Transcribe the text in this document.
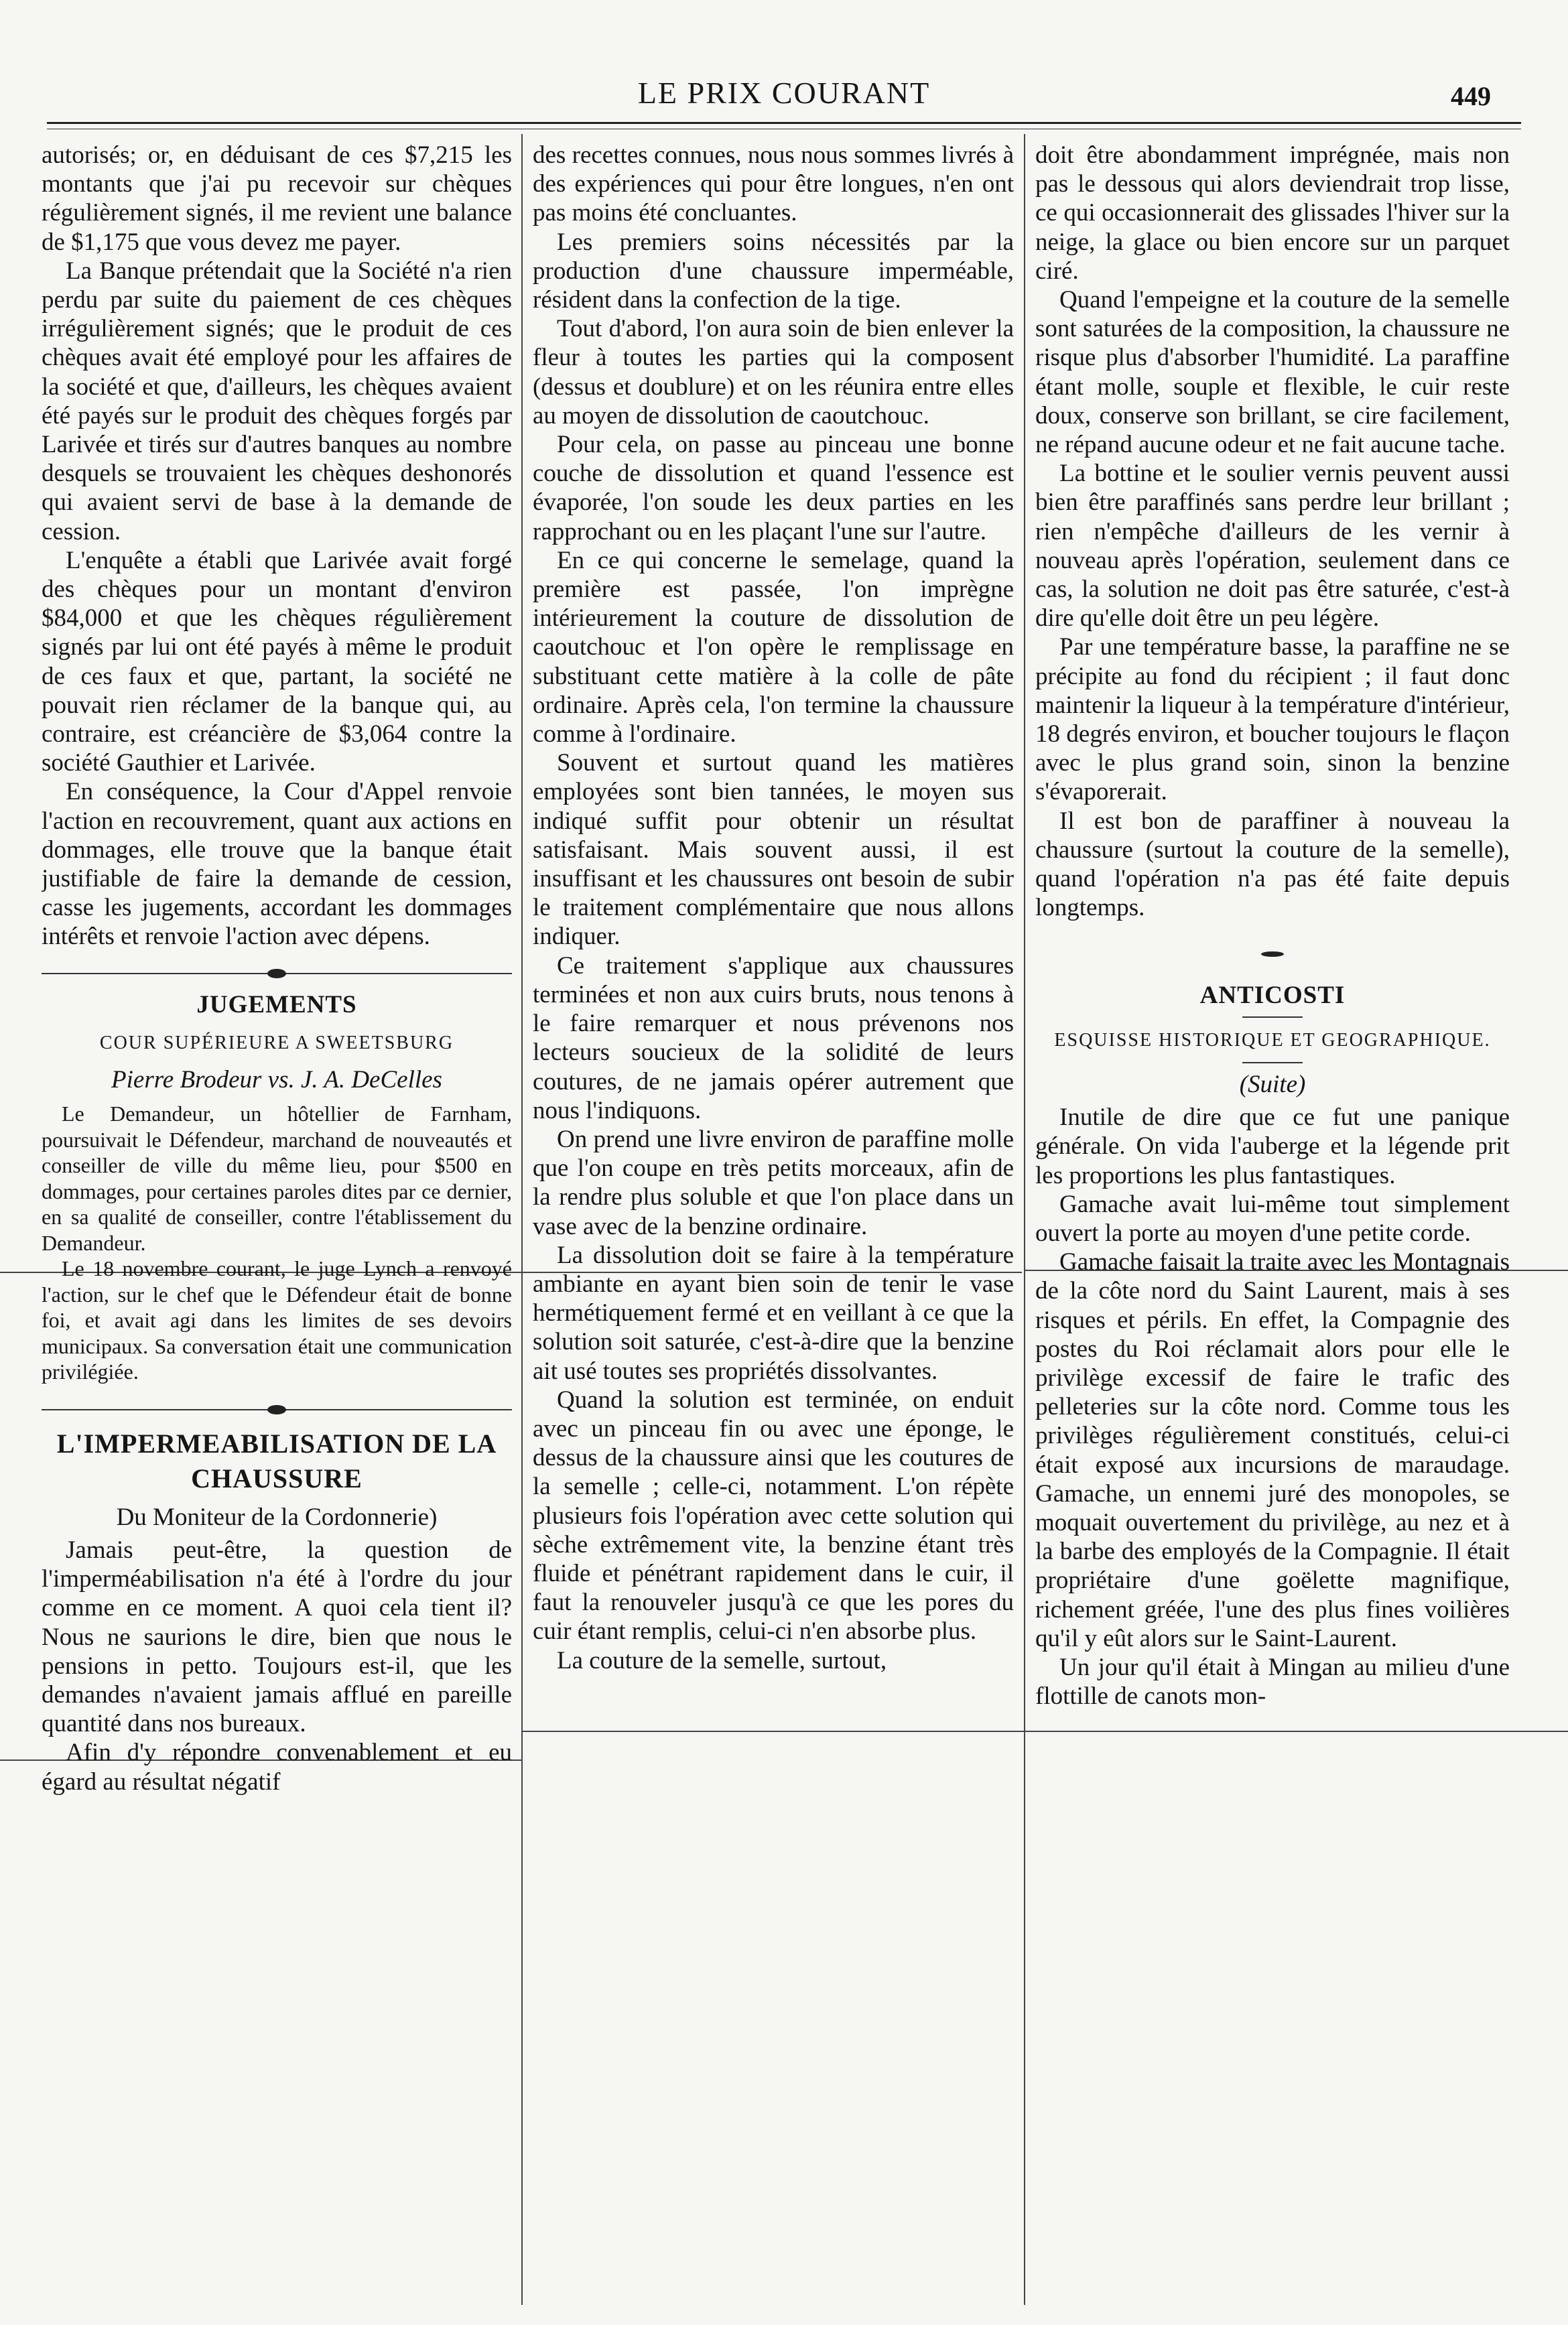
LE PRIX COURANT	449

autorisés; or, en déduisant de ces $7,215 les montants que j'ai pu recevoir sur chèques régulièrement signés, il me revient une balance de $1,175 que vous devez me payer.

La Banque prétendait que la Société n'a rien perdu par suite du paiement de ces chèques irrégulièrement signés; que le produit de ces chèques avait été employé pour les affaires de la société et que, d'ailleurs, les chèques avaient été payés sur le produit des chèques forgés par Larivée et tirés sur d'autres banques au nombre desquels se trouvaient les chèques deshonorés qui avaient servi de base à la demande de cession.

L'enquête a établi que Larivée avait forgé des chèques pour un montant d'environ $84,000 et que les chèques régulièrement signés par lui ont été payés à même le produit de ces faux et que, partant, la société ne pouvait rien réclamer de la banque qui, au contraire, est créancière de $3,064 contre la société Gauthier et Larivée.

En conséquence, la Cour d'Appel renvoie l'action en recouvrement, quant aux actions en dommages, elle trouve que la banque était justifiable de faire la demande de cession, casse les jugements, accordant les dommages intérêts et renvoie l'action avec dépens.

JUGEMENTS
COUR SUPÉRIEURE A SWEETSBURG
Pierre Brodeur vs. J. A. DeCelles

Le Demandeur, un hôtellier de Farnham, poursuivait le Défendeur, marchand de nouveautés et conseiller de ville du même lieu, pour $500 en dommages, pour certaines paroles dites par ce dernier, en sa qualité de conseiller, contre l'établissement du Demandeur.

Le 18 novembre courant, le juge Lynch a renvoyé l'action, sur le chef que le Défendeur était de bonne foi, et avait agi dans les limites de ses devoirs municipaux. Sa conversation était une communication privilégiée.

L'IMPERMEABILISATION DE LA CHAUSSURE
Du Moniteur de la Cordonnerie)

Jamais peut-être, la question de l'imperméabilisation n'a été à l'ordre du jour comme en ce moment. A quoi cela tient il? Nous ne saurions le dire, bien que nous le pensions in petto. Toujours est-il, que les demandes n'avaient jamais afflué en pareille quantité dans nos bureaux.

Afin d'y répondre convenablement et eu égard au résultat négatif

des recettes connues, nous nous sommes livrés à des expériences qui pour être longues, n'en ont pas moins été concluantes.

Les premiers soins nécessités par la production d'une chaussure imperméable, résident dans la confection de la tige.

Tout d'abord, l'on aura soin de bien enlever la fleur à toutes les parties qui la composent (dessus et doublure) et on les réunira entre elles au moyen de dissolution de caoutchouc.

Pour cela, on passe au pinceau une bonne couche de dissolution et quand l'essence est évaporée, l'on soude les deux parties en les rapprochant ou en les plaçant l'une sur l'autre.

En ce qui concerne le semelage, quand la première est passée, l'on imprègne intérieurement la couture de dissolution de caoutchouc et l'on opère le remplissage en substituant cette matière à la colle de pâte ordinaire. Après cela, l'on termine la chaussure comme à l'ordinaire.

Souvent et surtout quand les matières employées sont bien tannées, le moyen sus indiqué suffit pour obtenir un résultat satisfaisant. Mais souvent aussi, il est insuffisant et les chaussures ont besoin de subir le traitement complémentaire que nous allons indiquer.

Ce traitement s'applique aux chaussures terminées et non aux cuirs bruts, nous tenons à le faire remarquer et nous prévenons nos lecteurs soucieux de la solidité de leurs coutures, de ne jamais opérer autrement que nous l'indiquons.

On prend une livre environ de paraffine molle que l'on coupe en très petits morceaux, afin de la rendre plus soluble et que l'on place dans un vase avec de la benzine ordinaire.

La dissolution doit se faire à la température ambiante en ayant bien soin de tenir le vase hermétiquement fermé et en veillant à ce que la solution soit saturée, c'est-à-dire que la benzine ait usé toutes ses propriétés dissolvantes.

Quand la solution est terminée, on enduit avec un pinceau fin ou avec une éponge, le dessus de la chaussure ainsi que les coutures de la semelle ; celle-ci, notamment. L'on répète plusieurs fois l'opération avec cette solution qui sèche extrêmement vite, la benzine étant très fluide et pénétrant rapidement dans le cuir, il faut la renouveler jusqu'à ce que les pores du cuir étant remplis, celui-ci n'en absorbe plus.

La couture de la semelle, surtout,

doit être abondamment imprégnée, mais non pas le dessous qui alors deviendrait trop lisse, ce qui occasionnerait des glissades l'hiver sur la neige, la glace ou bien encore sur un parquet ciré.

Quand l'empeigne et la couture de la semelle sont saturées de la composition, la chaussure ne risque plus d'absorber l'humidité. La paraffine étant molle, souple et flexible, le cuir reste doux, conserve son brillant, se cire facilement, ne répand aucune odeur et ne fait aucune tache.

La bottine et le soulier vernis peuvent aussi bien être paraffinés sans perdre leur brillant ; rien n'empêche d'ailleurs de les vernir à nouveau après l'opération, seulement dans ce cas, la solution ne doit pas être saturée, c'est-à dire qu'elle doit être un peu légère.

Par une température basse, la paraffine ne se précipite au fond du récipient ; il faut donc maintenir la liqueur à la température d'intérieur, 18 degrés environ, et boucher toujours le flaçon avec le plus grand soin, sinon la benzine s'évaporerait.

Il est bon de paraffiner à nouveau la chaussure (surtout la couture de la semelle), quand l'opération n'a pas été faite depuis longtemps.

ANTICOSTI
ESQUISSE HISTORIQUE ET GEOGRAPHIQUE.
(Suite)

Inutile de dire que ce fut une panique générale. On vida l'auberge et la légende prit les proportions les plus fantastiques.

Gamache avait lui-même tout simplement ouvert la porte au moyen d'une petite corde.

Gamache faisait la traite avec les Montagnais de la côte nord du Saint Laurent, mais à ses risques et périls. En effet, la Compagnie des postes du Roi réclamait alors pour elle le privilège excessif de faire le trafic des pelleteries sur la côte nord. Comme tous les privilèges régulièrement constitués, celui-ci était exposé aux incursions de maraudage. Gamache, un ennemi juré des monopoles, se moquait ouvertement du privilège, au nez et à la barbe des employés de la Compagnie. Il était propriétaire d'une goëlette magnifique, richement gréée, l'une des plus fines voilières qu'il y eût alors sur le Saint-Laurent.

Un jour qu'il était à Mingan au milieu d'une flottille de canots mon-
